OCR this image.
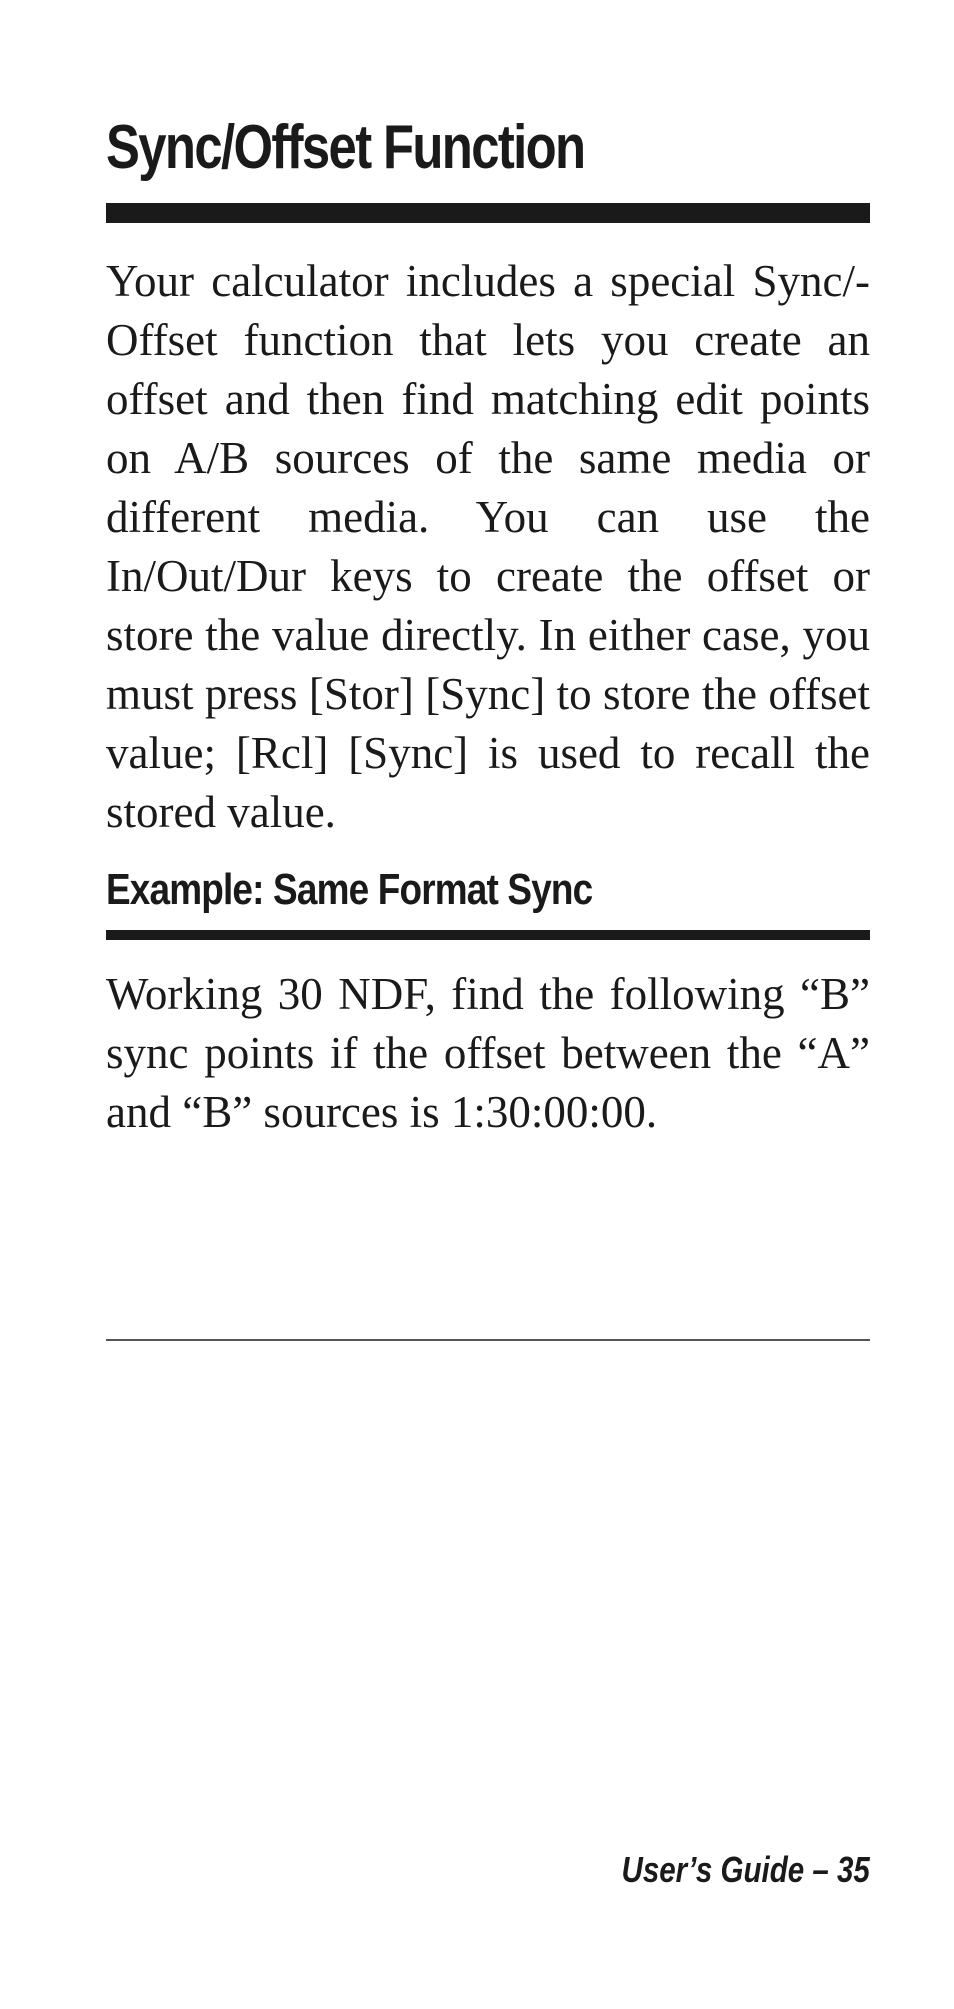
Sync/Offset Function

Your calculator includes a special Sync/Offset function that lets you create an offset and then find matching edit points on A/B sources of the same media or different media. You can use the In/Out/Dur keys to create the offset or store the value directly. In either case, you must press [Stor] [Sync] to store the offset value; [Rcl] [Sync] is used to recall the stored value.

Example: Same Format Sync

Working 30 NDF, find the following “B” sync points if the offset between the “A” and “B” sources is 1:30:00:00.

User’s Guide – 35
